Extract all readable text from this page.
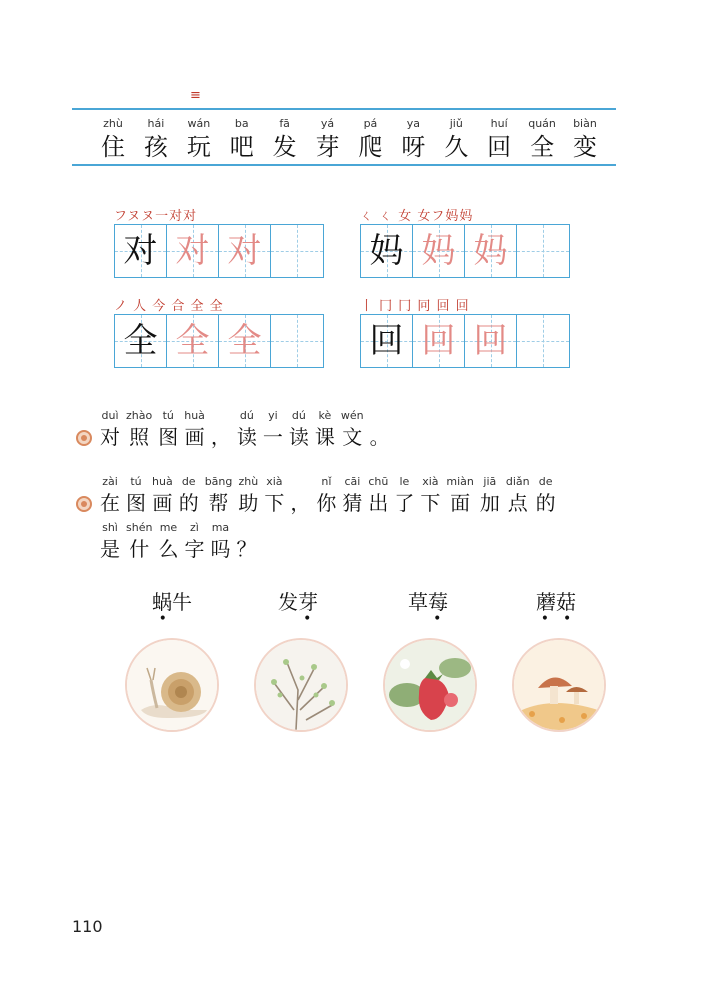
≡
zhù
住
hái
孩
wán
玩
ba
吧
fā
发
yá
芽
pá
爬
ya
呀
jiǔ
久
huí
回
quán
全
biàn
变
フヌヌ一对对
对 对 对
ㄑ ㄑ 女 女フ妈妈
妈 妈 妈
ノ 人 今 合 全 全
全 全 全
丨 冂 冂 冋 回 回
回 回 回
duì
对
zhào
照
tú
图
huà
画 ，
dú
读
yi
一
dú
读
kè
课
wén
文 。
zài
在
tú
图
huà
画
de
的
bāng
帮
zhù
助
xià
下 ，
nǐ
你
cāi
猜
chū
出
le
了
xià
下
miàn
面
jiā
加
diǎn
点
de
的
shì
是
shén
什
me
么
zì
字
ma
吗 ？
蜗牛
•
发芽
•
草莓
•
蘑菇
••
110
